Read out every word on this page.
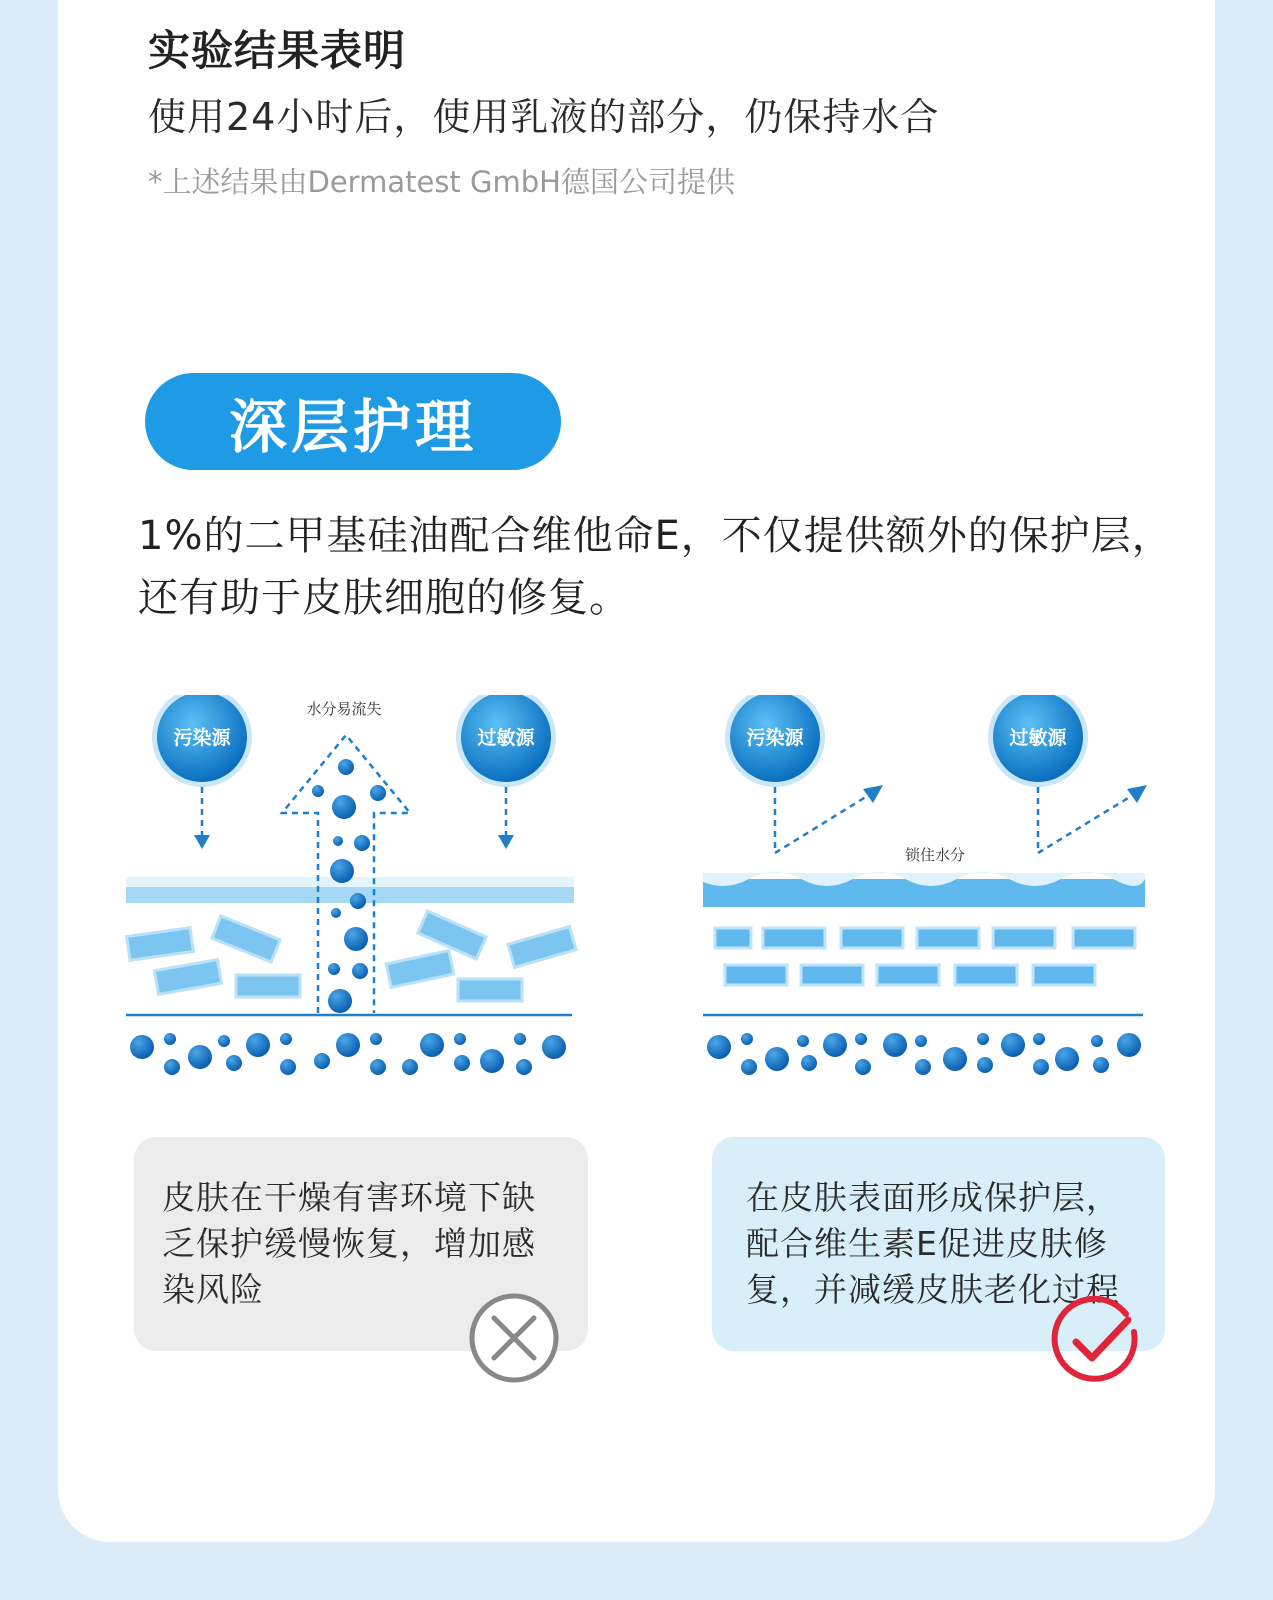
实验结果表明
使用24小时后，使用乳液的部分，仍保持水合
*上述结果由Dermatest GmbH德国公司提供
深层护理
1%的二甲基硅油配合维他命E，不仅提供额外的保护层，还有助于皮肤细胞的修复。
污染源	过敏源
水分易流失
污染源	过敏源
锁住水分
皮肤在干燥有害环境下缺乏保护缓慢恢复，增加感染风险
在皮肤表面形成保护层，配合维生素E促进皮肤修复，并减缓皮肤老化过程
